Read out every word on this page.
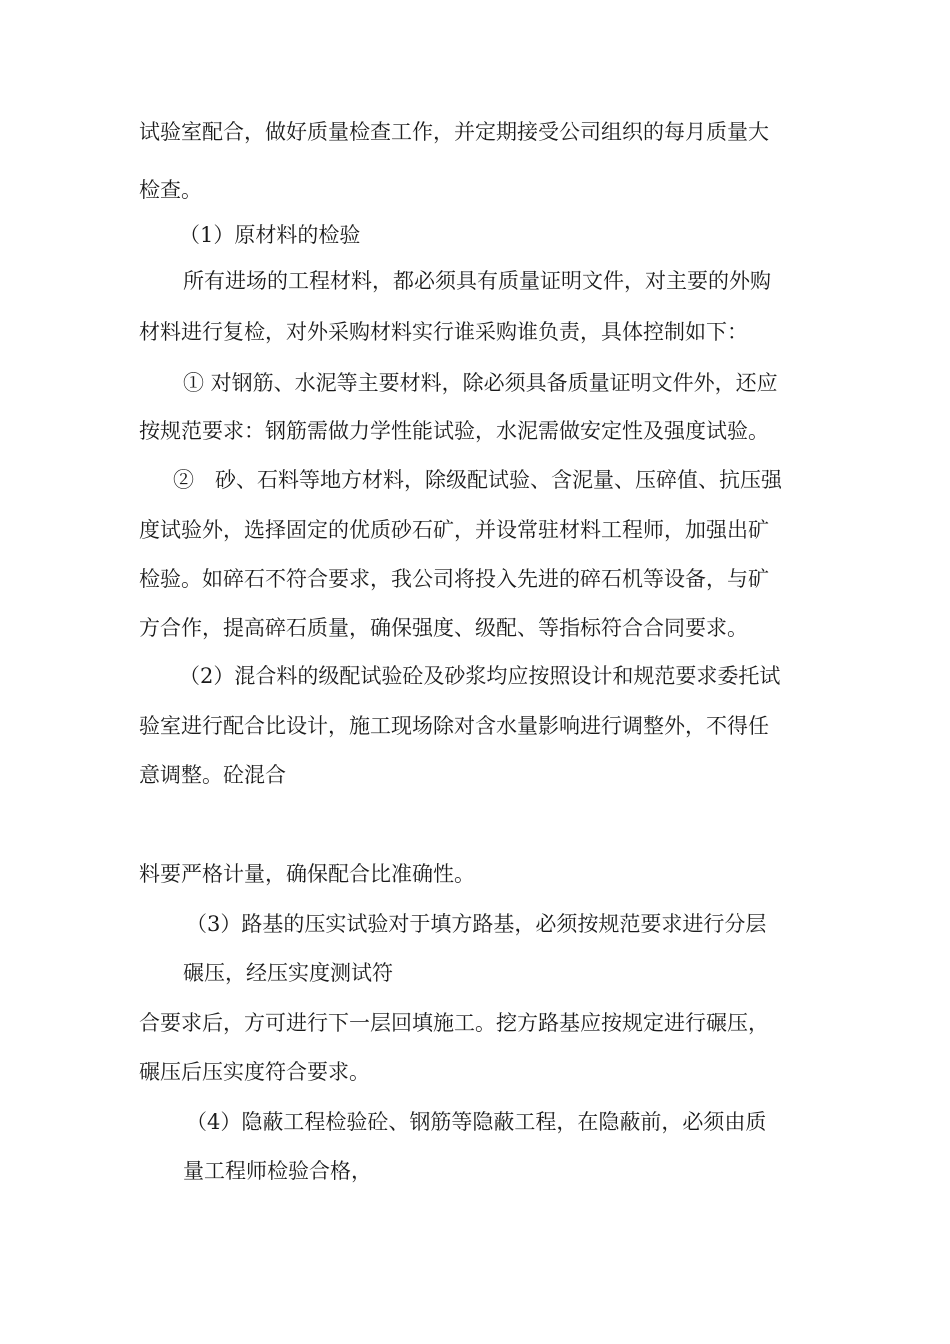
试验室配合，做好质量检查工作，并定期接受公司组织的每月质量大

检查。

（1）原材料的检验

所有进场的工程材料，都必须具有质量证明文件，对主要的外购

材料进行复检，对外采购材料实行谁采购谁负责，具体控制如下：

① 对钢筋、水泥等主要材料，除必须具备质量证明文件外，还应

按规范要求：钢筋需做力学性能试验，水泥需做安定性及强度试验。

②　砂、石料等地方材料，除级配试验、含泥量、压碎值、抗压强

度试验外，选择固定的优质砂石矿，并设常驻材料工程师，加强出矿

检验。如碎石不符合要求，我公司将投入先进的碎石机等设备，与矿

方合作，提高碎石质量，确保强度、级配、等指标符合合同要求。

（2）混合料的级配试验砼及砂浆均应按照设计和规范要求委托试

验室进行配合比设计，施工现场除对含水量影响进行调整外，不得任

意调整。砼混合

料要严格计量，确保配合比准确性。

（3）路基的压实试验对于填方路基，必须按规范要求进行分层

碾压，经压实度测试符

合要求后，方可进行下一层回填施工。挖方路基应按规定进行碾压，

碾压后压实度符合要求。

（4）隐蔽工程检验砼、钢筋等隐蔽工程，在隐蔽前，必须由质

量工程师检验合格，
